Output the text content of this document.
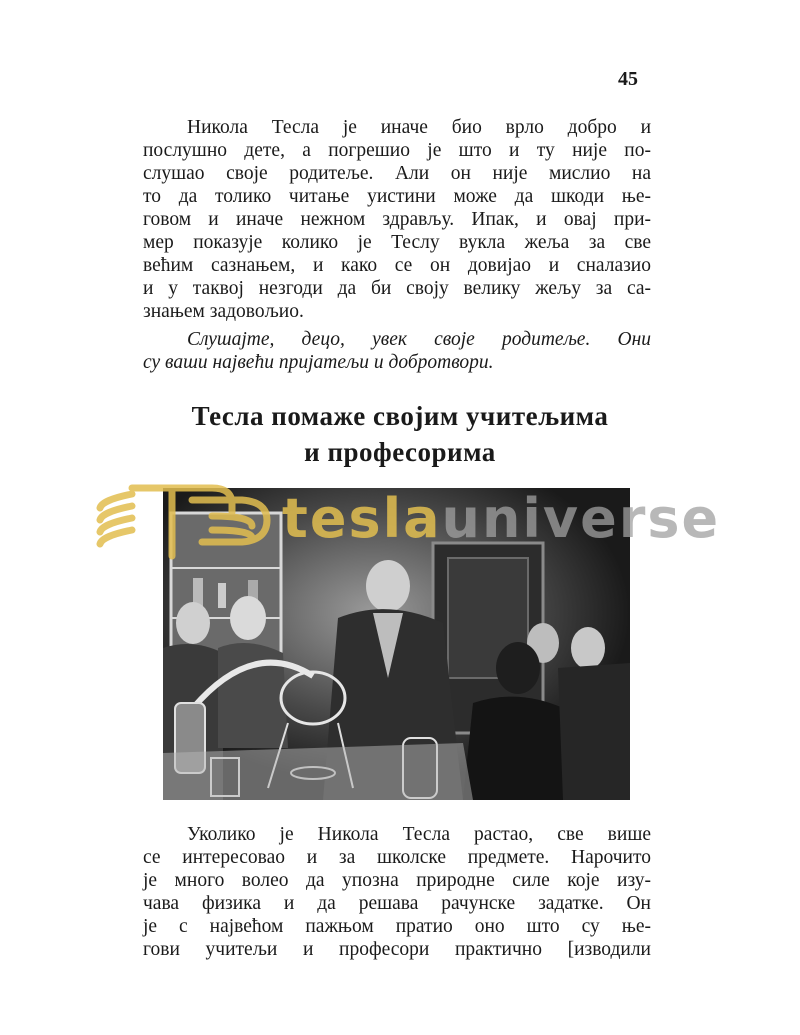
45
Никола Тесла је иначе био врло добро и
послушно дете, а погрешио је што и ту није по-
слушао своје родитеље. Али он није мислио на
то да толико читање уистини може да шкоди ње-
говом и иначе нежном здрављу. Ипак, и овај при-
мер показује колико је Теслу вукла жеља за све
већим сазнањем, и како се он довијао и сналазио
и у таквој незгоди да би своју велику жељу за са-
знањем задовољио.
Слушајте, децо, увек своје родитеље. Они
су ваши највећи пријатељи и добротвори.
Тесла помаже својим учитељима
и професорима
teslauniverse
Уколико је Никола Тесла растао, све више
се интересовао и за школске предмете. Нарочито
је много волео да упозна природне силе које изу-
чава физика и да решава рачунске задатке. Он
је с највећом пажњом пратио оно што су ње-
гови учитељи и професори практично [изводили
